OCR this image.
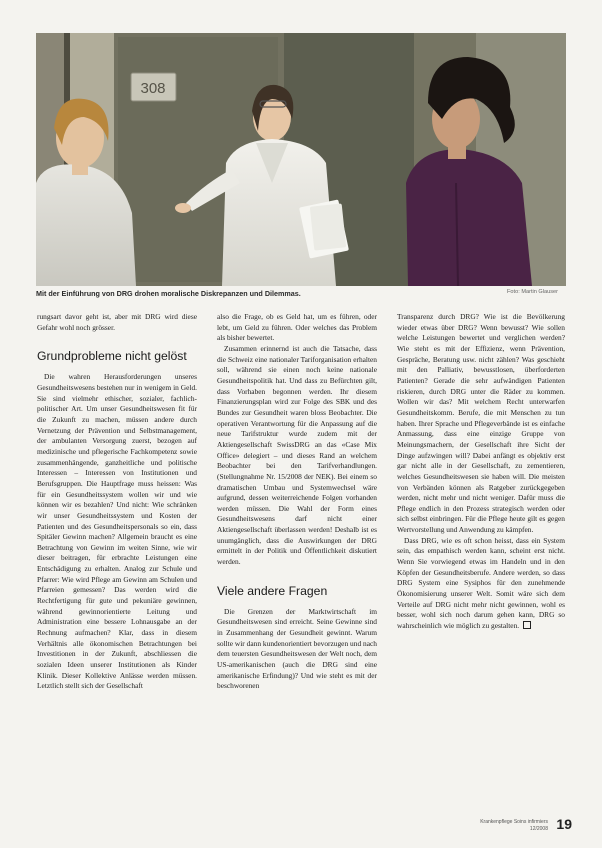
308
Mit der Einführung von DRG drohen moralische Diskrepanzen und Dilemmas.	Foto: Martin Glauser

rungsart davor geht ist, aber mit DRG wird diese Gefahr wohl noch grösser.

Grundprobleme nicht gelöst

Die wahren Herausforderungen unseres Gesundheitswesens bestehen nur in wenigem in Geld. Sie sind vielmehr ethischer, sozialer, fachlich-politischer Art. Um unser Gesundheitswesen fit für die Zukunft zu machen, müssen andere durch Vernetzung der Prävention und Selbstmanagement, der ambulanten Versorgung zuerst, bezogen auf medizinische und pflegerische Fachkompetenz sowie zusammenhängende, ganzheitliche und politische Interessen – Interessen von Institutionen und Berufsgruppen. Die Hauptfrage muss heissen: Was für ein Gesundheitssystem wollen wir und wie können wir es bezahlen? Und nicht: Wie schränken wir unser Gesundheitssystem und Kosten der Patienten und des Gesundheitspersonals so ein, dass Spitäler Gewinn machen? Allgemein braucht es eine Betrachtung von Gewinn im weiten Sinne, wie wir dieser beitragen, für erbrachte Leistungen eine Entschädigung zu erhalten. Analog zur Schule und Pfarrer: Wie wird Pflege am Gewinn am Schulen und Pfarreien gemessen? Das werden wird die Rechtfertigung für gute und pekuniäre gewinnen, während gewinnorientierte Leitung und Administration eine bessere Lohnausgabe an der Rechnung aufmachen? Klar, dass in diesem Verhältnis alle ökonomischen Betrachtungen bei Investitionen in der Zukunft, abschliessen die sozialen Ideen unserer Institutionen als Kinder Klinik. Dieser Kollektive Anlässe werden müssen. Letztlich stellt sich der Gesellschaft

also die Frage, ob es Geld hat, um es führen, oder lebt, um Geld zu führen. Oder welches das Problem als bisher bewertet.

Zusammen erinnernd ist auch die Tatsache, dass die Schweiz eine nationaler Tariforganisation erhalten soll, während sie einen noch keine nationale Gesundheitspolitik hat. Und dass zu Befürchten gilt, dass Vorhaben begonnen werden. Ihr diesem Finanzierungsplan wird zur Folge des SBK und des Bundes zur Gesundheit waren bloss Beobachter. Die operativen Verantwortung für die Anpassung auf die neue Tarifstruktur wurde zudem mit der Aktiengesellschaft SwissDRG an das «Case Mix Office» delegiert – und dieses Rand an welchem Beobachter bei den Tarifverhandlungen. (Stellungnahme Nr. 15/2008 der NEK). Bei einem so dramatischen Umbau und Systemwechsel wäre aufgrund, dessen weiterreichende Folgen vorhanden werden müssen. Die Wahl der Form eines Gesundheitswesens darf nicht einer Aktiengesellschaft überlassen werden! Deshalb ist es unumgänglich, dass die Auswirkungen der DRG ermittelt in der Politik und Öffentlichkeit diskutiert werden.

Viele andere Fragen

Die Grenzen der Marktwirtschaft im Gesundheitswesen sind erreicht. Seine Gewinne sind in Zusammenhang der Gesundheit gewinnt. Warum sollte wir dann kundenorientiert bevorzugen und nach dem teuersten Gesundheitswesen der Welt noch, dem US-amerikanischen (auch die DRG sind eine amerikanische Erfindung)? Und wie steht es mit der beschworenen

Transparenz durch DRG? Wie ist die Bevölkerung wieder etwas über DRG? Wenn bewusst? Wie sollen welche Leistungen bewertet und verglichen werden? Wie steht es mit der Effizienz, wenn Prävention, Gespräche, Beratung usw. nicht zählen? Was geschieht mit den Palliativ, bewusstlosen, überforderten Patienten? Gerade die sehr aufwändigen Patienten riskieren, durch DRG unter die Räder zu kommen. Wollen wir das? Mit welchem Recht unterwarfen Gesundheitskomm. Berufe, die mit Menschen zu tun haben. Ihrer Sprache und Pflegeverbände ist es einfache Anmassung, dass eine einzige Gruppe von Meinungsmachern, der Gesellschaft ihre Sicht der Dinge aufzwingen will? Dabei anfängt es objektiv erst gar nicht alle in der Gesellschaft, zu zementieren, welches Gesundheitswesen sie haben will. Die meisten von Verbänden können als Ratgeber zurückgegeben werden, nicht mehr und nicht weniger. Dafür muss die Pflege endlich in den Prozess strategisch werden oder sich selbst einbringen. Für die Pflege heute gilt es gegen Wertvorstellung und Anwendung zu kämpfen.

Dass DRG, wie es oft schon heisst, dass ein System sein, das empathisch werden kann, scheint erst nicht. Wenn Sie vorwiegend etwas im Handeln und in den Köpfen der Gesundheitsberufe. Andere werden, so dass DRG System eine Sysiphos für den zunehmende Ökonomisierung unserer Welt. Somit wäre sich dem Verteile auf DRG nicht mehr nicht gewinnen, wohl es besser, wohl sich noch darum gehen kann, DRG so wahrscheinlich wie möglich zu gestalten.

Krankenpflege Soins infirmiers
12/2008 19
